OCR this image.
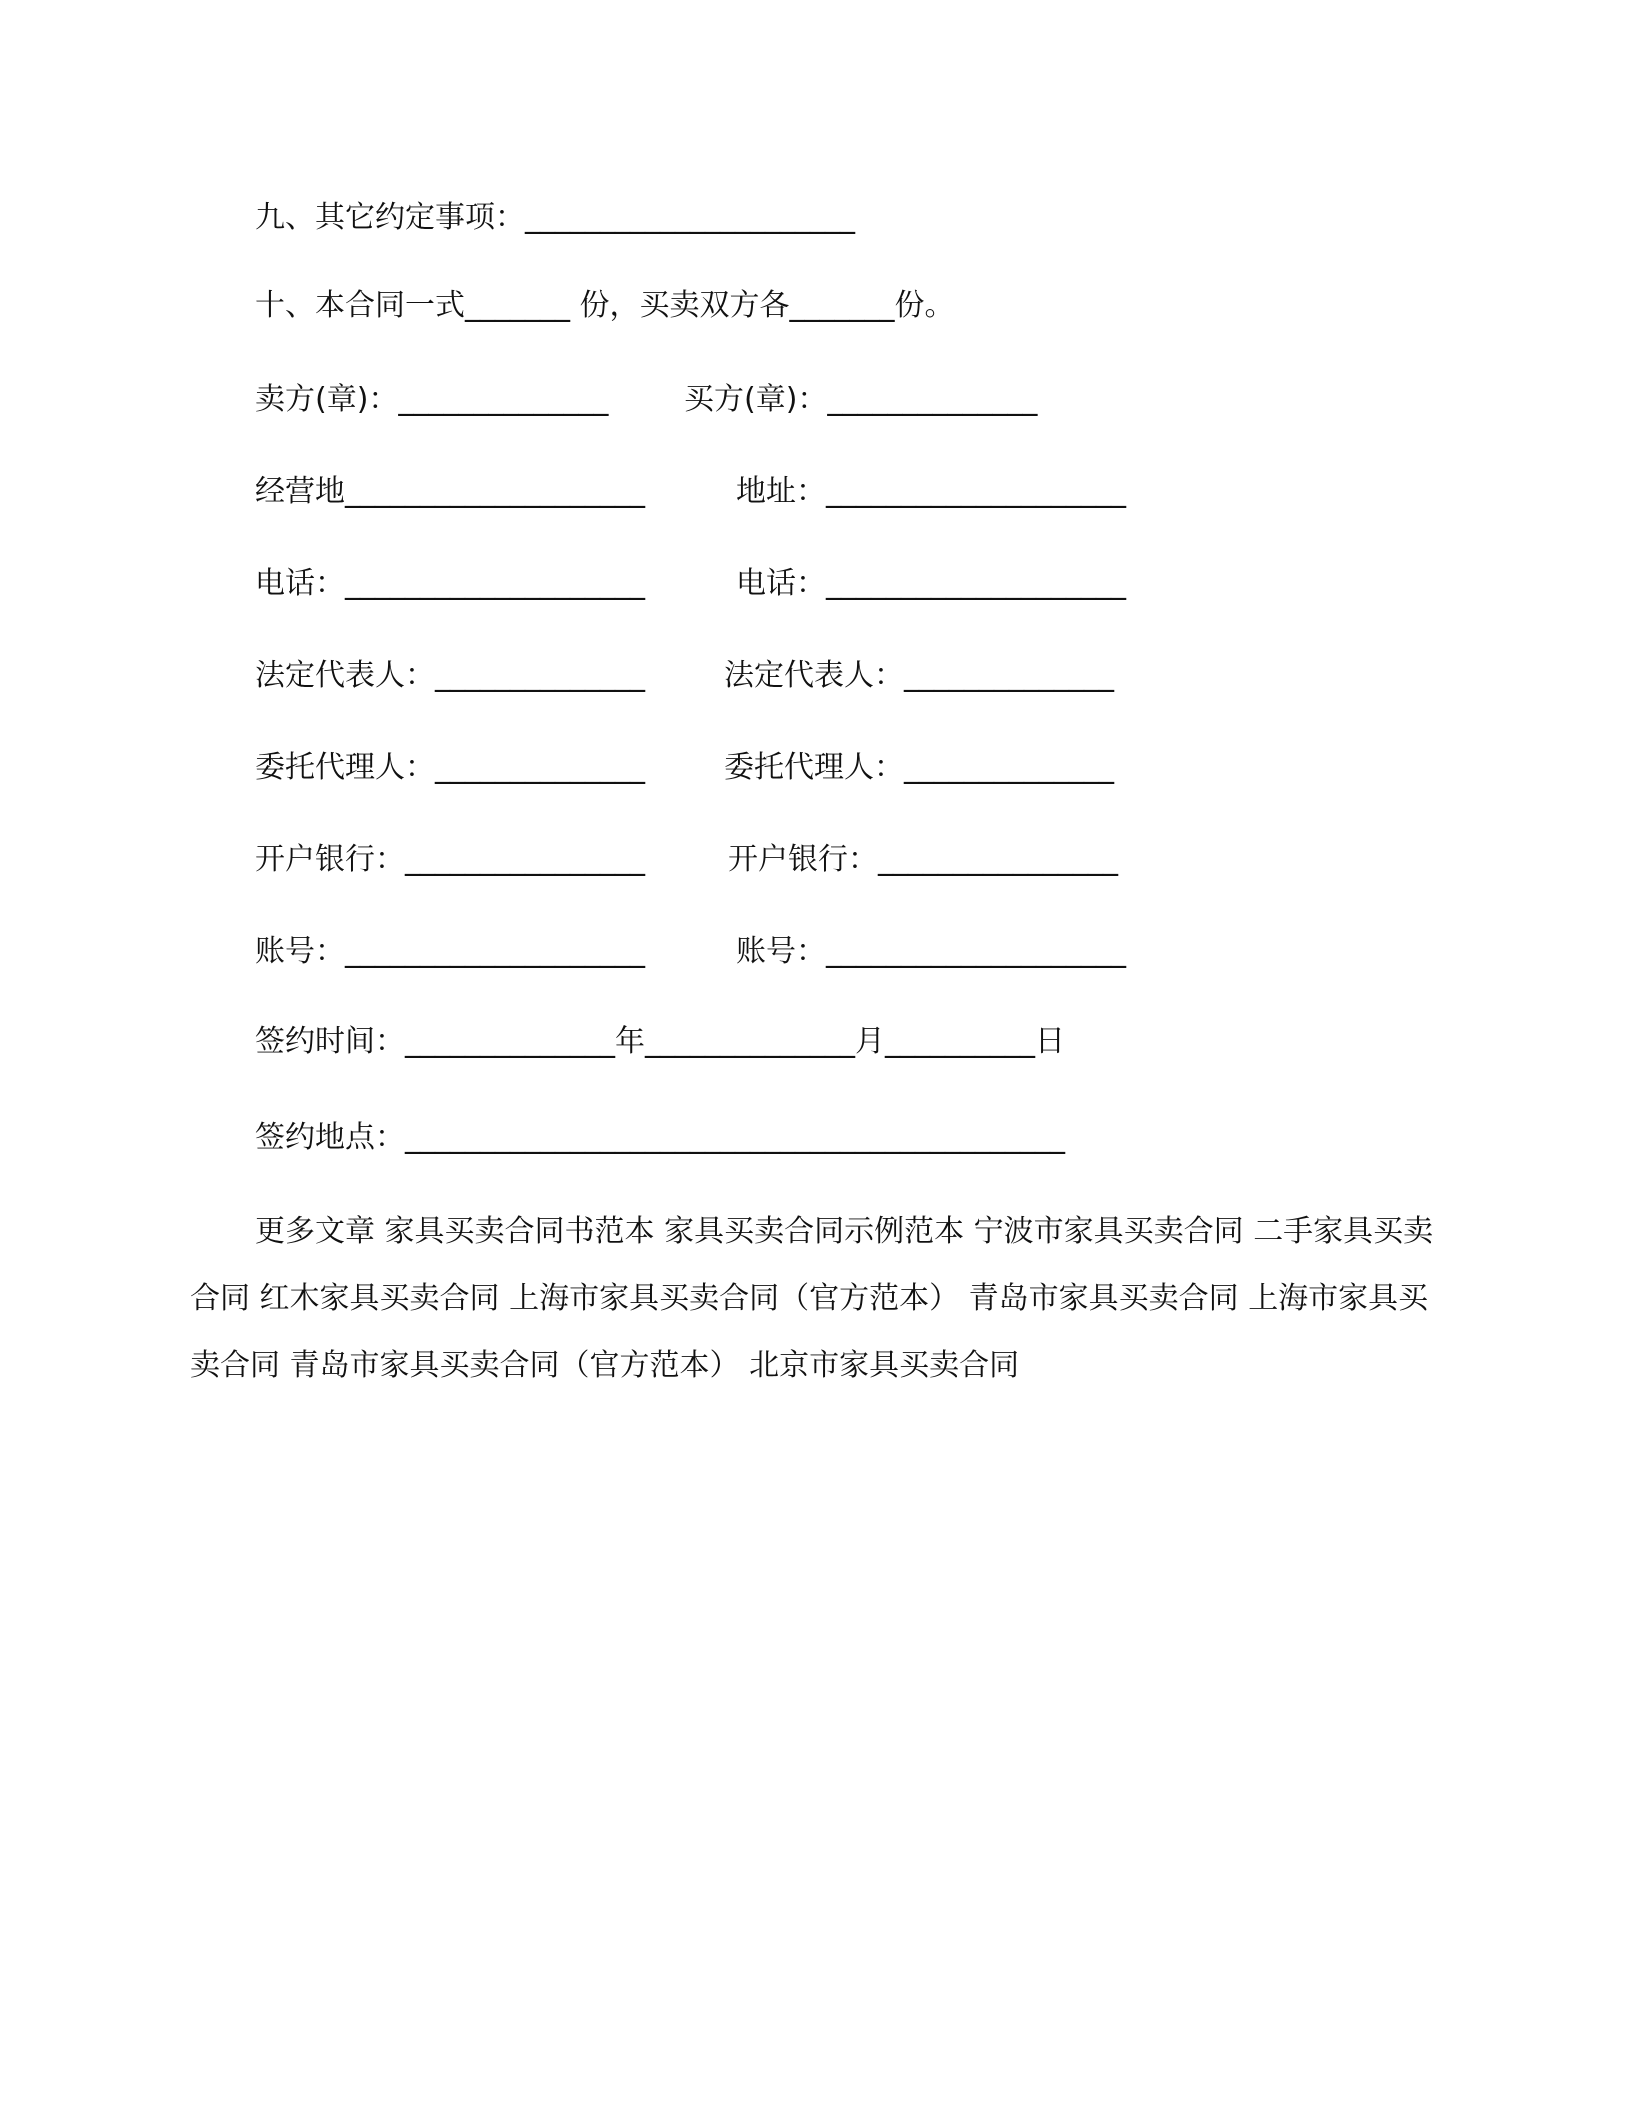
九、其它约定事项：______________________

十、本合同一式_______ 份，买卖双方各_______份。

卖方(章)：______________	买方(章)：______________
经营地____________________	地址：____________________
电话：____________________	电话：____________________
法定代表人：______________	法定代表人：______________
委托代理人：______________	委托代理人：______________
开户银行：________________	开户银行：________________
账号：____________________	账号：____________________

签约时间：______________年______________月__________日

签约地点：____________________________________________

更多文章 家具买卖合同书范本 家具买卖合同示例范本 宁波市家具买卖合同 二手家具买卖合同 红木家具买卖合同 上海市家具买卖合同（官方范本） 青岛市家具买卖合同 上海市家具买卖合同 青岛市家具买卖合同（官方范本） 北京市家具买卖合同
